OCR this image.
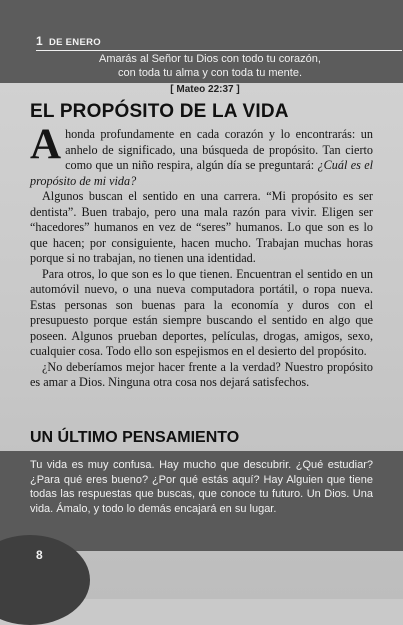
1 DE ENERO
Amarás al Señor tu Dios con todo tu corazón,
con toda tu alma y con toda tu mente.
[ Mateo 22:37 ]
EL PROPÓSITO DE LA VIDA

Ahonda profundamente en cada corazón y lo encontrarás: un anhelo de significado, una búsqueda de propósito. Tan cierto como que un niño respira, algún día se preguntará: ¿Cuál es el propósito de mi vida?

Algunos buscan el sentido en una carrera. “Mi propósito es ser dentista”. Buen trabajo, pero una mala razón para vivir. Eligen ser “hacedores” humanos en vez de “seres” humanos. Lo que son es lo que hacen; por consiguiente, hacen mucho. Trabajan muchas horas porque si no trabajan, no tienen una identidad.

Para otros, lo que son es lo que tienen. Encuentran el sentido en un automóvil nuevo, o una nueva computadora portátil, o ropa nueva. Estas personas son buenas para la economía y duros con el presupuesto porque están siempre buscando el sentido en algo que poseen. Algunos prueban deportes, películas, drogas, amigos, sexo, cualquier cosa. Todo ello son espejismos en el desierto del propósito.

¿No deberíamos mejor hacer frente a la verdad? Nuestro propósito es amar a Dios. Ninguna otra cosa nos dejará satisfechos.

UN ÚLTIMO PENSAMIENTO
Tu vida es muy confusa. Hay mucho que descubrir. ¿Qué estudiar? ¿Para qué eres bueno? ¿Por qué estás aquí? Hay Alguien que tiene todas las respuestas que buscas, que conoce tu futuro. Un Dios. Una vida. Ámalo, y todo lo demás encajará en su lugar.
8
